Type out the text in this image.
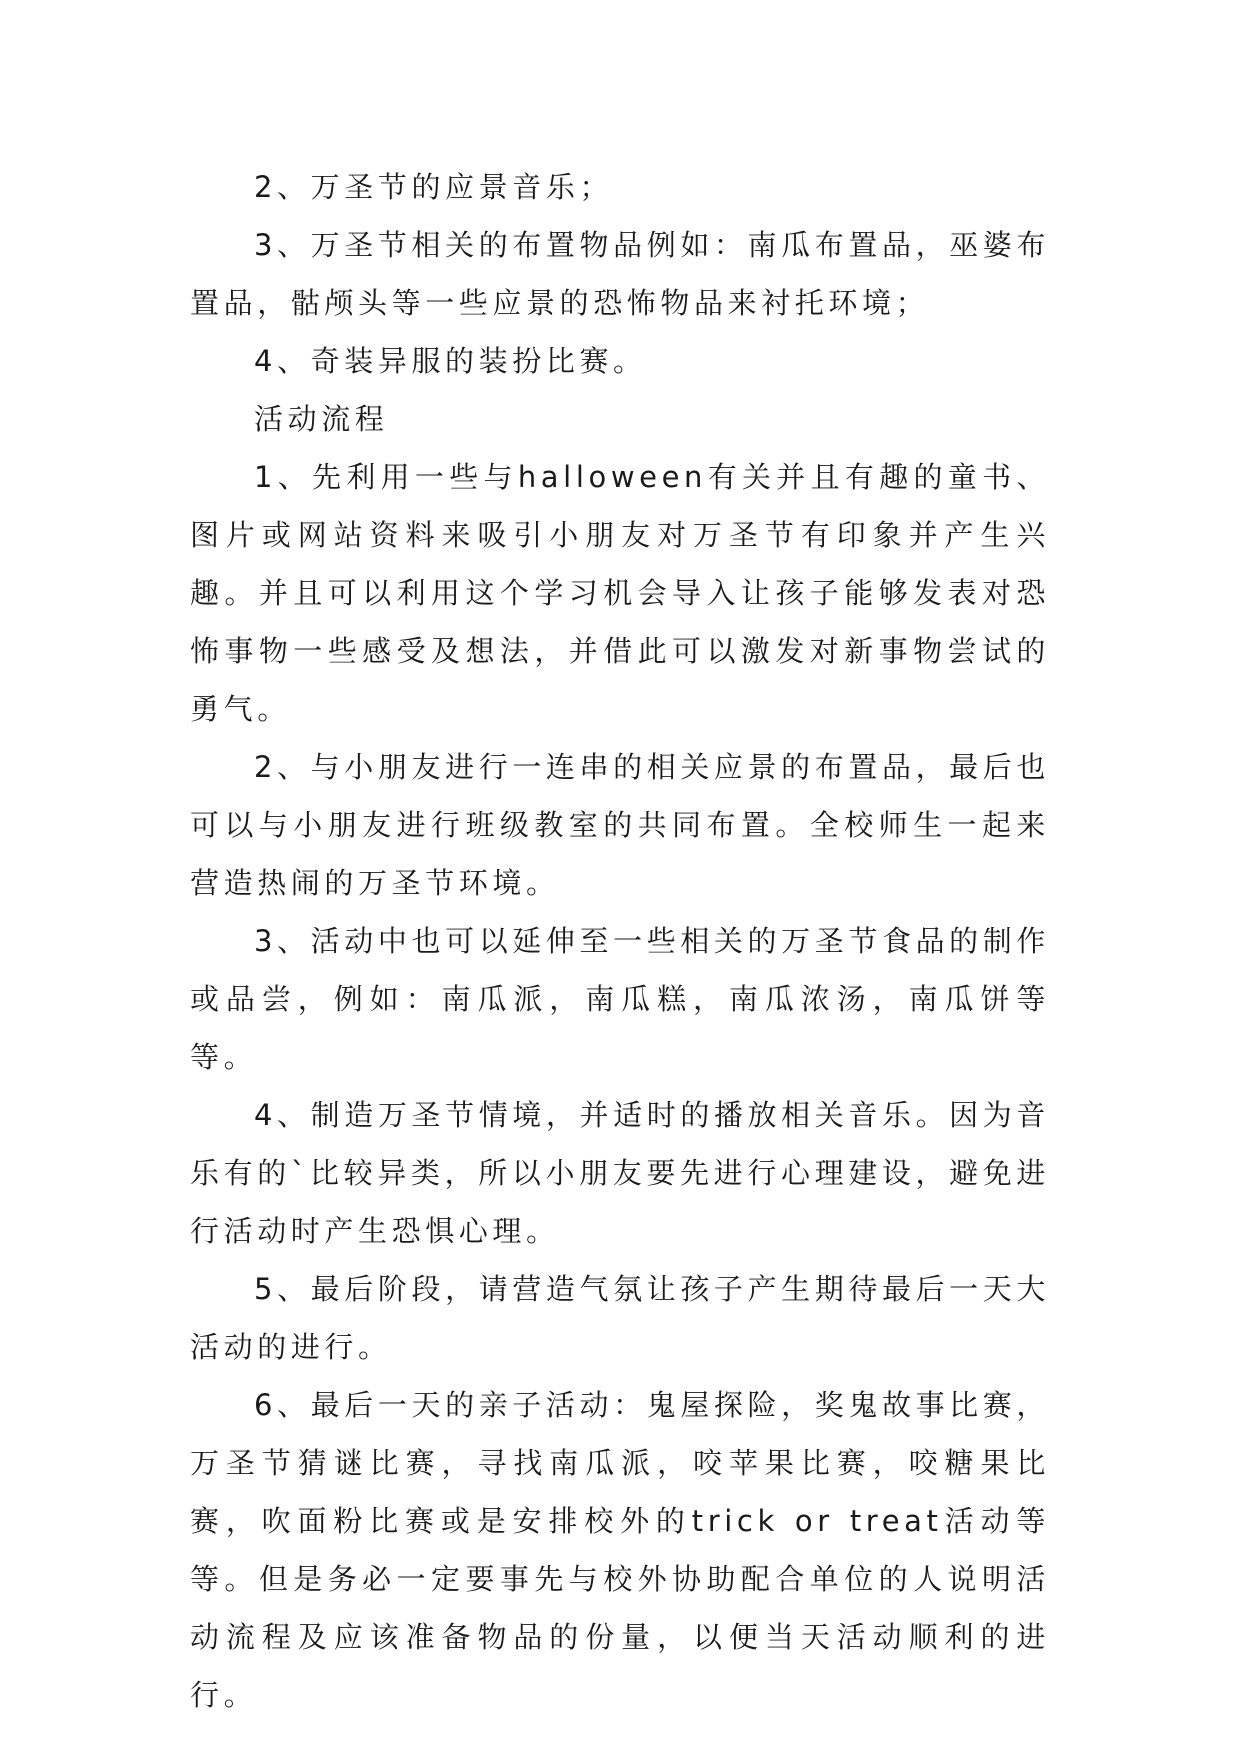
2、万圣节的应景音乐；

3、万圣节相关的布置物品例如：南瓜布置品，巫婆布置品，骷颅头等一些应景的恐怖物品来衬托环境；

4、奇装异服的装扮比赛。

活动流程

1、先利用一些与halloween有关并且有趣的童书、图片或网站资料来吸引小朋友对万圣节有印象并产生兴趣。并且可以利用这个学习机会导入让孩子能够发表对恐怖事物一些感受及想法，并借此可以激发对新事物尝试的勇气。

2、与小朋友进行一连串的相关应景的布置品，最后也可以与小朋友进行班级教室的共同布置。全校师生一起来营造热闹的万圣节环境。

3、活动中也可以延伸至一些相关的万圣节食品的制作或品尝，例如：南瓜派，南瓜糕，南瓜浓汤，南瓜饼等等。

4、制造万圣节情境，并适时的播放相关音乐。因为音乐有的`比较异类，所以小朋友要先进行心理建设，避免进行活动时产生恐惧心理。

5、最后阶段，请营造气氛让孩子产生期待最后一天大活动的进行。

6、最后一天的亲子活动：鬼屋探险，奖鬼故事比赛，万圣节猜谜比赛，寻找南瓜派，咬苹果比赛，咬糖果比赛，吹面粉比赛或是安排校外的trick or treat活动等等。但是务必一定要事先与校外协助配合单位的人说明活动流程及应该准备物品的份量，以便当天活动顺利的进行。
